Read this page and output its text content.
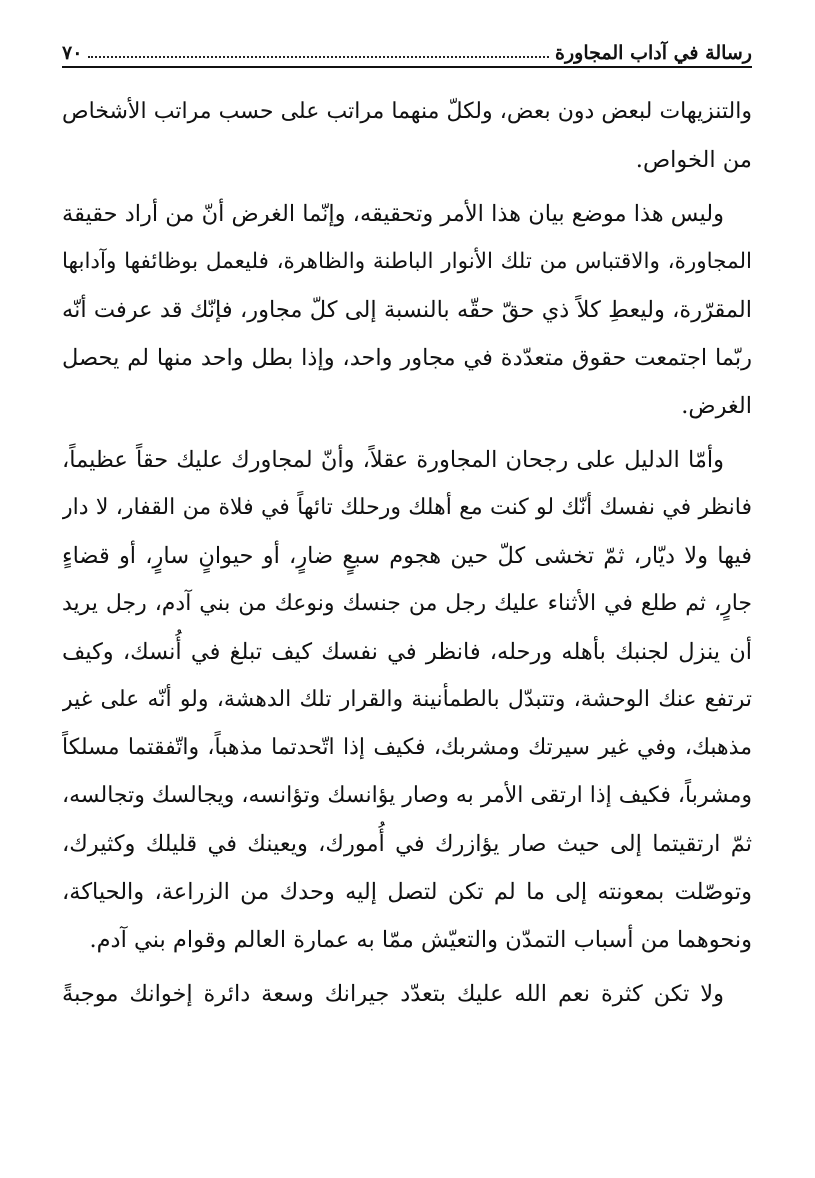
رسالة في آداب المجاورة
٧٠
والتنزيهات لبعض دون بعض، ولكلّ منهما مراتب على حسب مراتب الأشخاص
من الخواص.
وليس هذا موضع بيان هذا الأمر وتحقيقه، وإنّما الغرض أنّ من أراد حقيقة
المجاورة، والاقتباس من تلك الأنوار الباطنة والظاهرة، فليعمل بوظائفها وآدابها
المقرّرة، وليعطِ كلاً ذي حقّ حقّه بالنسبة إلى كلّ مجاور، فإنّك قد عرفت أنّه
ربّما اجتمعت حقوق متعدّدة في مجاور واحد، وإذا بطل واحد منها لم يحصل
الغرض.
وأمّا الدليل على رجحان المجاورة عقلاً، وأنّ لمجاورك عليك حقاً عظيماً،
فانظر في نفسك أنّك لو كنت مع أهلك ورحلك تائهاً في فلاة من القفار، لا دار
فيها ولا ديّار، ثمّ تخشى كلّ حين هجوم سبعٍ ضارٍ، أو حيوانٍ سارٍ، أو قضاءٍ
جارٍ، ثم طلع في الأثناء عليك رجل من جنسك ونوعك من بني آدم، رجل يريد
أن ينزل لجنبك بأهله ورحله، فانظر في نفسك كيف تبلغ في أُنسك، وكيف
ترتفع عنك الوحشة، وتتبدّل بالطمأنينة والقرار تلك الدهشة، ولو أنّه على غير
مذهبك، وفي غير سيرتك ومشربك، فكيف إذا اتّحدتما مذهباً، واتّفقتما مسلكاً
ومشرباً، فكيف إذا ارتقى الأمر به وصار يؤانسك وتؤانسه، ويجالسك وتجالسه،
ثمّ ارتقيتما إلى حيث صار يؤازرك في أُمورك، ويعينك في قليلك وكثيرك،
وتوصّلت بمعونته إلى ما لم تكن لتصل إليه وحدك من الزراعة، والحياكة،
ونحوهما من أسباب التمدّن والتعيّش ممّا به عمارة العالم وقوام بني آدم.
ولا تكن كثرة نعم الله عليك بتعدّد جيرانك وسعة دائرة إخوانك موجبةً
